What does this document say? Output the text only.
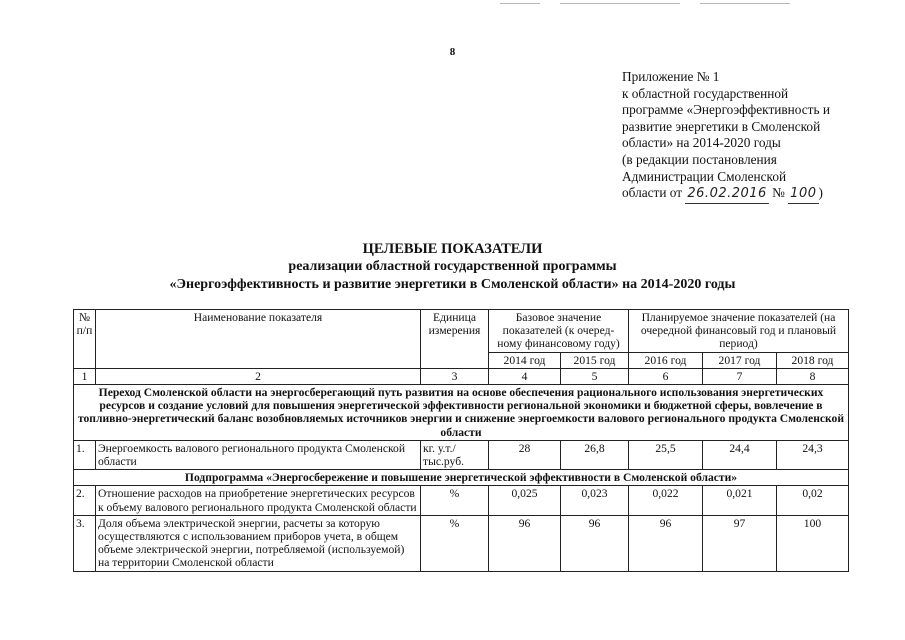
8
Приложение № 1
к областной государственной
программе «Энергоэффективность и
развитие энергетики в Смоленской
области» на 2014-2020 годы
(в редакции постановления
Администрации Смоленской
области от 26.02.2016 № 100 )
ЦЕЛЕВЫЕ ПОКАЗАТЕЛИ
реализации областной государственной программы
«Энергоэффективность и развитие энергетики в Смоленской области» на 2014-2020 годы
№ п/п	Наименование показателя	Единица измерения	Базовое значение показателей (к очеред-ному финансовому году)		Планируемое значение показателей (на очередной финансовый год и плановый период)		
			2014 год	2015 год	2016 год	2017 год	2018 год
1	2	3	4	5	6	7	8
Переход Смоленской области на энергосберегающий путь развития на основе обеспечения рационального использования энергетических ресурсов и создание условий для повышения энергетической эффективности региональной экономики и бюджетной сферы, вовлечение в топливно-энергетический баланс возобновляемых источников энергии и снижение энергоемкости валового регионального продукта Смоленской области							
1.	Энергоемкость валового регионального продукта Смоленской области	кг. у.т./ тыс.руб.	28	26,8	25,5	24,4	24,3
Подпрограмма «Энергосбережение и повышение энергетической эффективности в Смоленской области»							
2.	Отношение расходов на приобретение энергетических ресурсов к объему валового регионального продукта Смоленской области	%	0,025	0,023	0,022	0,021	0,02
3.	Доля объема электрической энергии, расчеты за которую осуществляются с использованием приборов учета, в общем объеме электрической энергии, потребляемой (используемой) на территории Смоленской области	%	96	96	96	97	100
